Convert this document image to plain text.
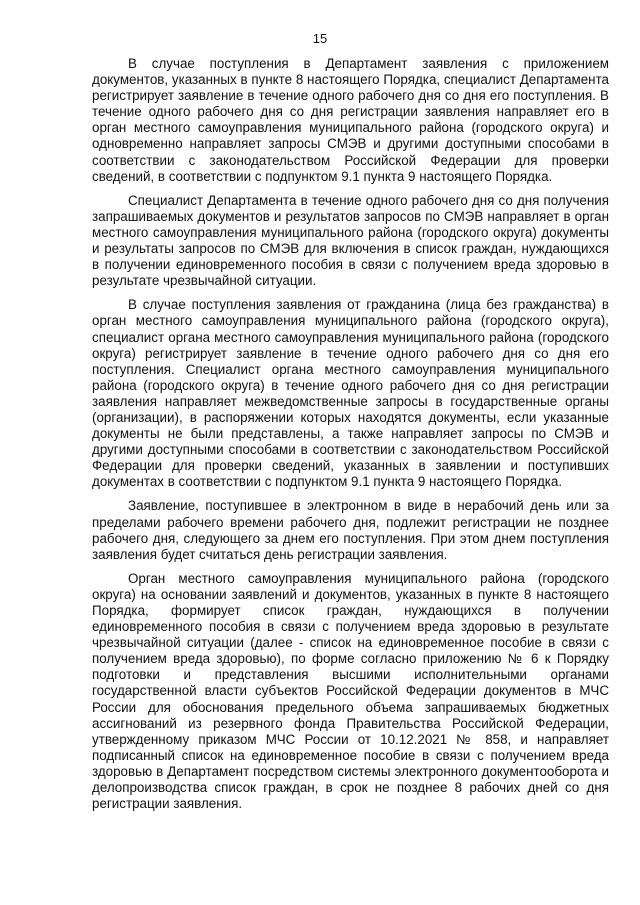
15

В случае поступления в Департамент заявления с приложением документов, указанных в пункте 8 настоящего Порядка, специалист Департамента регистрирует заявление в течение одного рабочего дня со дня его поступления. В течение одного рабочего дня со дня регистрации заявления направляет его в орган местного самоуправления муниципального района (городского округа) и одновременно направляет запросы СМЭВ и другими доступными способами в соответствии с законодательством Российской Федерации для проверки сведений, в соответствии с подпунктом 9.1 пункта 9 настоящего Порядка.

Специалист Департамента в течение одного рабочего дня со дня получения запрашиваемых документов и результатов запросов по СМЭВ направляет в орган местного самоуправления муниципального района (городского округа) документы и результаты запросов по СМЭВ для включения в список граждан, нуждающихся в получении единовременного пособия в связи с получением вреда здоровью в результате чрезвычайной ситуации.

В случае поступления заявления от гражданина (лица без гражданства) в орган местного самоуправления муниципального района (городского округа), специалист органа местного самоуправления муниципального района (городского округа) регистрирует заявление в течение одного рабочего дня со дня его поступления. Специалист органа местного самоуправления муниципального района (городского округа) в течение одного рабочего дня со дня регистрации заявления направляет межведомственные запросы в государственные органы (организации), в распоряжении которых находятся документы, если указанные документы не были представлены, а также направляет запросы по СМЭВ и другими доступными способами в соответствии с законодательством Российской Федерации для проверки сведений, указанных в заявлении и поступивших документах в соответствии с подпунктом 9.1 пункта 9 настоящего Порядка.

Заявление, поступившее в электронном в виде в нерабочий день или за пределами рабочего времени рабочего дня, подлежит регистрации не позднее рабочего дня, следующего за днем его поступления. При этом днем поступления заявления будет считаться день регистрации заявления.

Орган местного самоуправления муниципального района (городского округа) на основании заявлений и документов, указанных в пункте 8 настоящего Порядка, формирует список граждан, нуждающихся в получении единовременного пособия в связи с получением вреда здоровью в результате чрезвычайной ситуации (далее - список на единовременное пособие в связи с получением вреда здоровью), по форме согласно приложению № 6 к Порядку подготовки и представления высшими исполнительными органами государственной власти субъектов Российской Федерации документов в МЧС России для обоснования предельного объема запрашиваемых бюджетных ассигнований из резервного фонда Правительства Российской Федерации, утвержденному приказом МЧС России от 10.12.2021 № 858, и направляет подписанный список на единовременное пособие в связи с получением вреда здоровью в Департамент посредством системы электронного документооборота и делопроизводства список граждан, в срок не позднее 8 рабочих дней со дня регистрации заявления.
